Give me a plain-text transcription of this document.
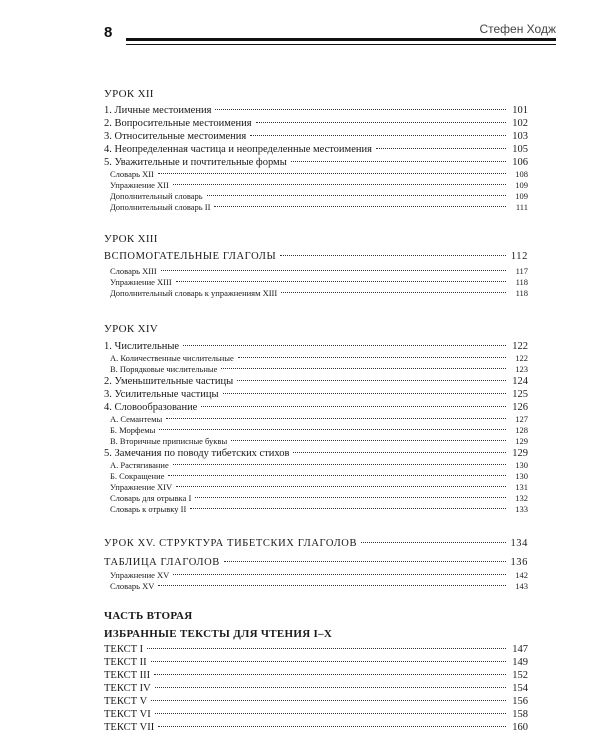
8	Стефен Ходж
УРОК XII
1. Личные местоимения	101
2. Вопросительные местоимения	102
3. Относительные местоимения	103
4. Неопределенная частица и неопределенные местоимения	105
5. Уважительные и почтительные формы	106
Словарь XII	108
Упражнение XII	109
Дополнительный словарь	109
Дополнительный словарь II	111
УРОК XIII
ВСПОМОГАТЕЛЬНЫЕ ГЛАГОЛЫ	112
Словарь XIII	117
Упражнение XIII	118
Дополнительный словарь к упражнениям XIII	118
УРОК XIV
1. Числительные	122
А. Количественные числительные	122
В. Порядковые числительные	123
2. Уменьшительные частицы	124
3. Усилительные частицы	125
4. Словообразование	126
А. Семантемы	127
Б. Морфемы	128
В. Вторичные приписные буквы	129
5. Замечания по поводу тибетских стихов	129
А. Растягивание	130
Б. Сокращение	130
Упражнение XIV	131
Словарь для отрывка I	132
Словарь к отрывку II	133
УРОК XV. СТРУКТУРА ТИБЕТСКИХ ГЛАГОЛОВ	134
ТАБЛИЦА ГЛАГОЛОВ	136
Упражнение XV	142
Словарь XV	143
ЧАСТЬ ВТОРАЯ
ИЗБРАННЫЕ ТЕКСТЫ ДЛЯ ЧТЕНИЯ I–X
ТЕКСТ I	147
ТЕКСТ II	149
ТЕКСТ III	152
ТЕКСТ IV	154
ТЕКСТ V	156
ТЕКСТ VI	158
ТЕКСТ VII	160
